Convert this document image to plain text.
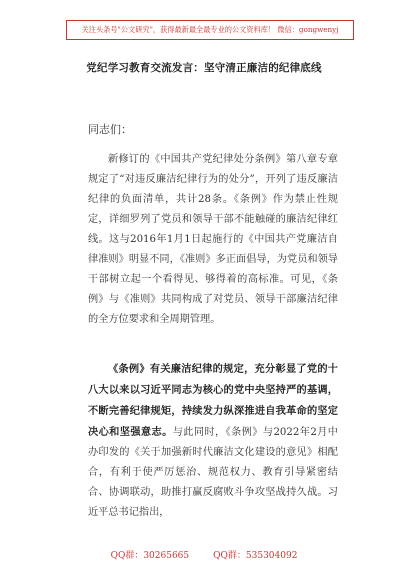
关注头条号"公文研究"，获得最新最全最专业的公文资料库！ 微信：gongwenyj
党纪学习教育交流发言：坚守清正廉洁的纪律底线
同志们：

新修订的《中国共产党纪律处分条例》第八章专章规定了“对违反廉洁纪律行为的处分”，开列了违反廉洁纪律的负面清单，共计28条。《条例》作为禁止性规定，详细罗列了党员和领导干部不能触碰的廉洁纪律红线。这与2016年1月1日起施行的《中国共产党廉洁自律准则》明显不同，《准则》多正面倡导，为党员和领导干部树立起一个看得见、够得着的高标准。可见，《条例》与《准则》共同构成了对党员、领导干部廉洁纪律的全方位要求和全周期管理。

《条例》有关廉洁纪律的规定，充分彰显了党的十八大以来以习近平同志为核心的党中央坚持严的基调，不断完善纪律规矩，持续发力纵深推进自我革命的坚定决心和坚强意志。与此同时，《条例》与2022年2月中办印发的《关于加强新时代廉洁文化建设的意见》相配合，有利于使严厉惩治、规范权力、教育引导紧密结合、协调联动，助推打赢反腐败斗争攻坚战持久战。习近平总书记指出，

QQ群：30265665	QQ群：535304092
